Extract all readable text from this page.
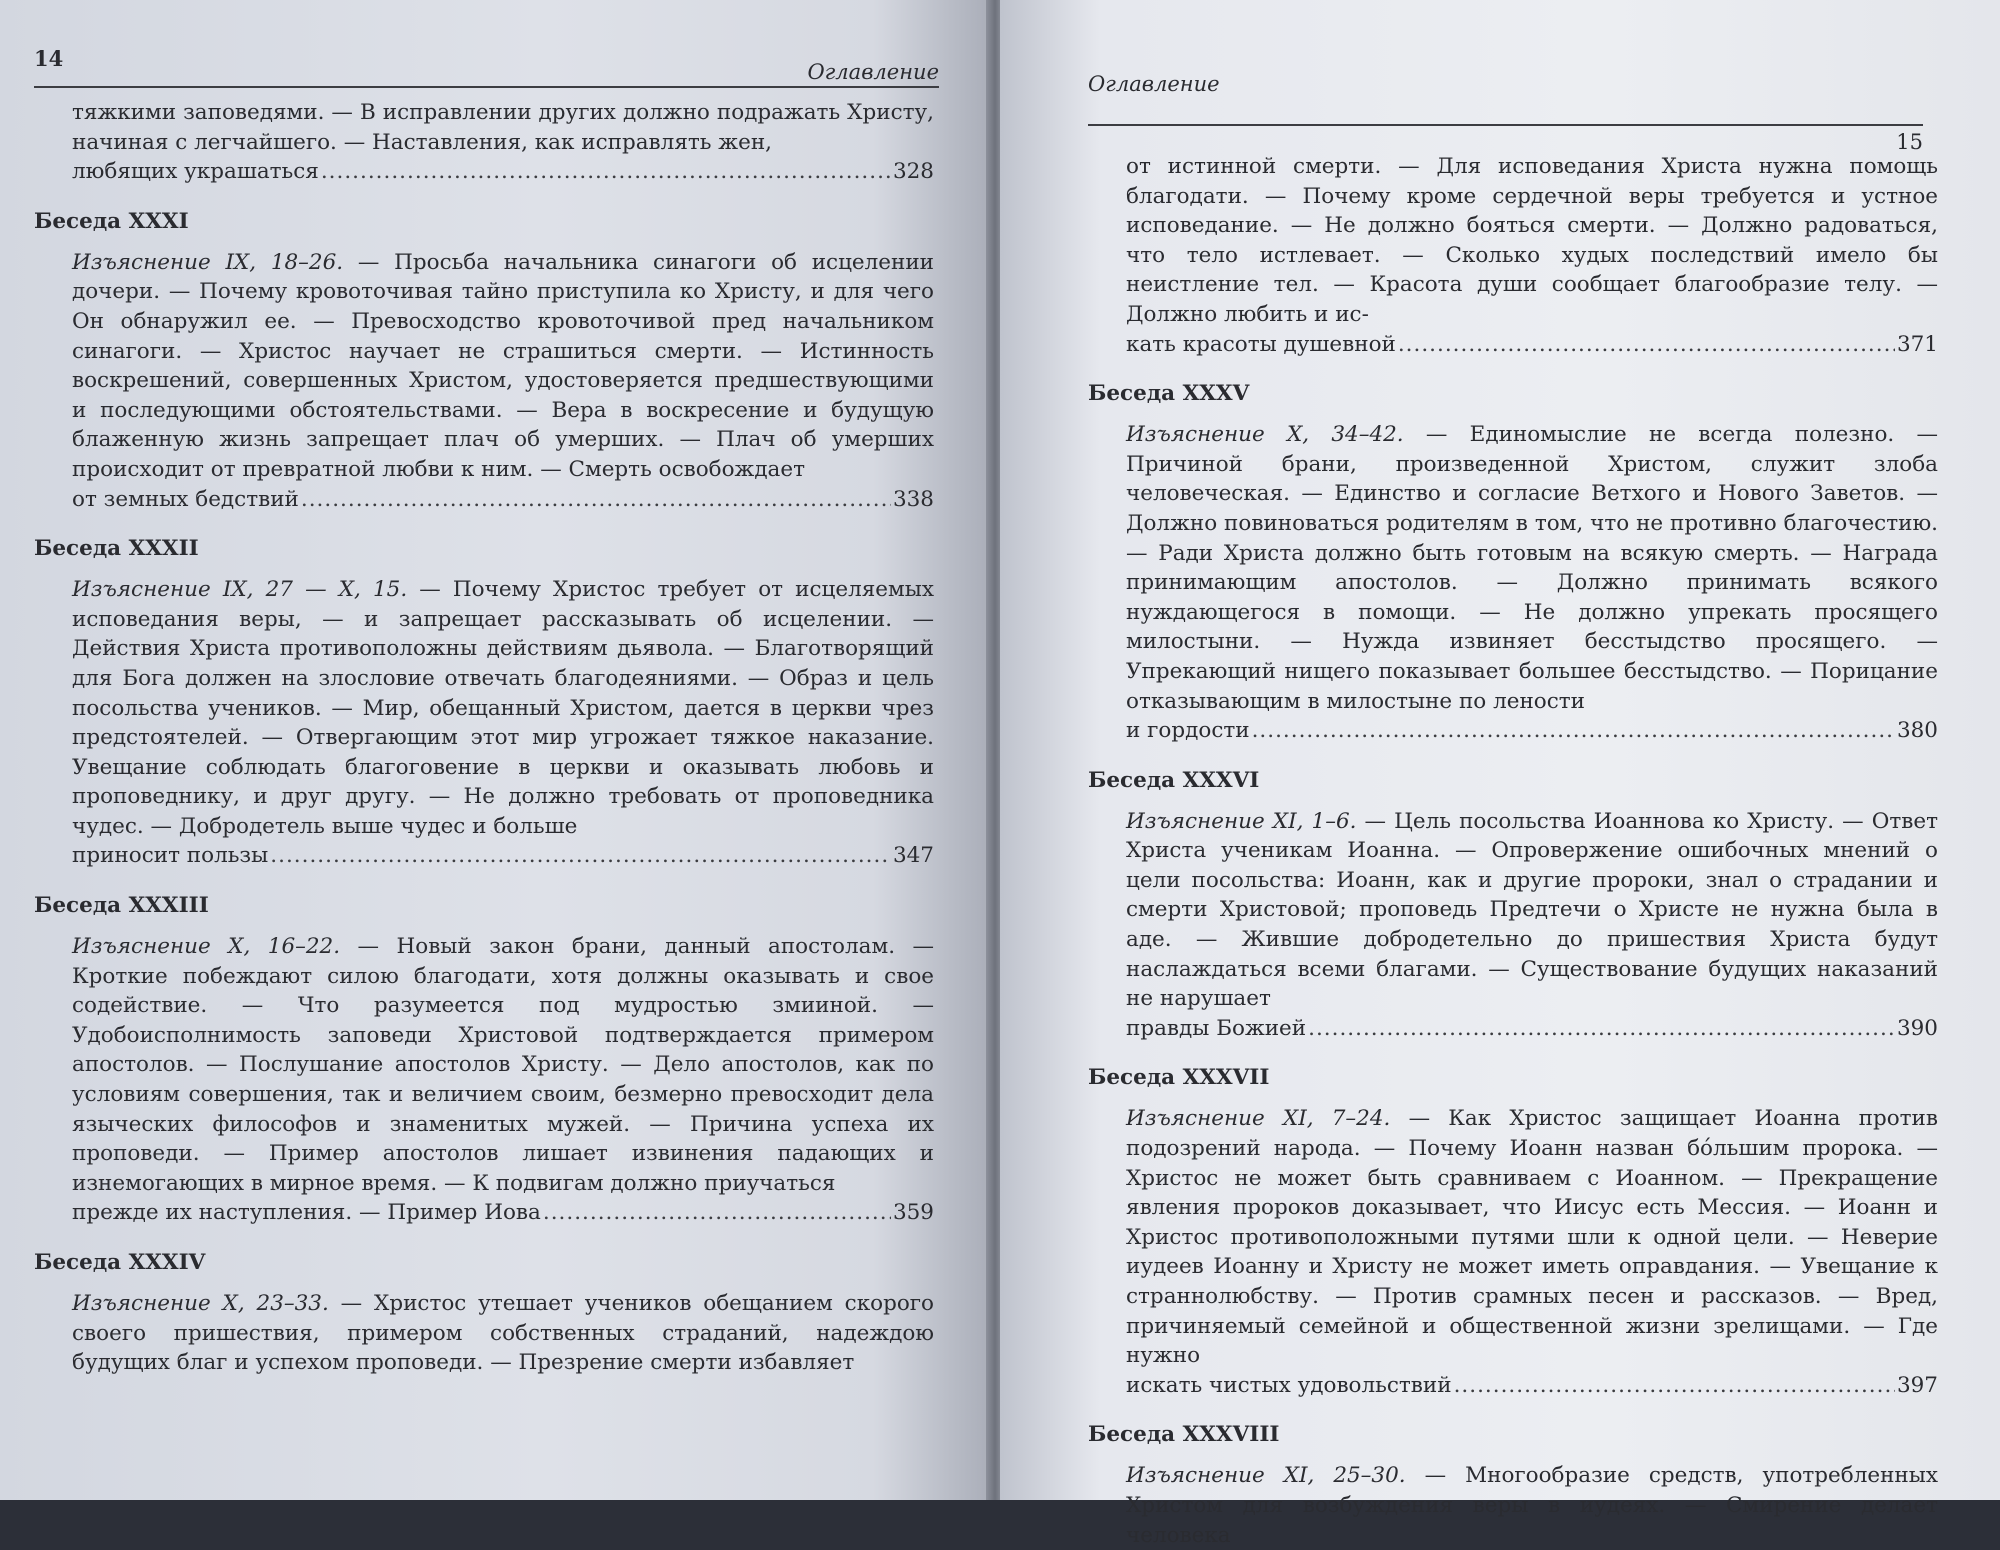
14
Оглавление
тяжкими заповедями. — В исправлении других должно подражать Христу, начиная с легчайшего. — Наставления, как исправлять жен,
любящих украшаться .....	328
Беседа XXXI
Изъяснение IX, 18–26. — Просьба начальника синагоги об исцелении дочери. — Почему кровоточивая тайно приступила ко Христу, и для чего Он обнаружил ее. — Превосходство кровоточивой пред начальником синагоги. — Христос научает не страшиться смерти. — Истинность воскрешений, совершенных Христом, удостоверяется предшествующими и последующими обстоятельствами. — Вера в воскресение и будущую блаженную жизнь запрещает плач об умерших. — Плач об умерших происходит от превратной любви к ним. — Смерть освобождает
от земных бедствий .....	338
Беседа XXXII
Изъяснение IX, 27 — X, 15. — Почему Христос требует от исцеляемых исповедания веры, — и запрещает рассказывать об исцелении. — Действия Христа противоположны действиям дьявола. — Благотворящий для Бога должен на злословие отвечать благодеяниями. — Образ и цель посольства учеников. — Мир, обещанный Христом, дается в церкви чрез предстоятелей. — Отвергающим этот мир угрожает тяжкое наказание. Увещание соблюдать благоговение в церкви и оказывать любовь и проповеднику, и друг другу. — Не должно требовать от проповедника чудес. — Добродетель выше чудес и больше
приносит пользы .....	347
Беседа XXXIII
Изъяснение X, 16–22. — Новый закон брани, данный апостолам. — Кроткие побеждают силою благодати, хотя должны оказывать и свое содействие. — Что разумеется под мудростью змииной. — Удобоисполнимость заповеди Христовой подтверждается примером апостолов. — Послушание апостолов Христу. — Дело апостолов, как по условиям совершения, так и величием своим, безмерно превосходит дела языческих философов и знаменитых мужей. — Причина успеха их проповеди. — Пример апостолов лишает извинения падающих и изнемогающих в мирное время. — К подвигам должно приучаться
прежде их наступления. — Пример Иова .....	359
Беседа XXXIV
Изъяснение X, 23–33. — Христос утешает учеников обещанием скорого своего пришествия, примером собственных страданий, надеждою будущих благ и успехом проповеди. — Презрение смерти избавляет
Оглавление
15
от истинной смерти. — Для исповедания Христа нужна помощь благодати. — Почему кроме сердечной веры требуется и устное исповедание. — Не должно бояться смерти. — Должно радоваться, что тело истлевает. — Сколько худых последствий имело бы неистление тел. — Красота души сообщает благообразие телу. — Должно любить и ис-
кать красоты душевной .....	371
Беседа XXXV
Изъяснение X, 34–42. — Единомыслие не всегда полезно. — Причиной брани, произведенной Христом, служит злоба человеческая. — Единство и согласие Ветхого и Нового Заветов. — Должно повиноваться родителям в том, что не противно благочестию. — Ради Христа должно быть готовым на всякую смерть. — Награда принимающим апостолов. — Должно принимать всякого нуждающегося в помощи. — Не должно упрекать просящего милостыни. — Нужда извиняет бесстыдство просящего. — Упрекающий нищего показывает большее бесстыдство. — Порицание отказывающим в милостыне по лености
и гордости .....	380
Беседа XXXVI
Изъяснение XI, 1–6. — Цель посольства Иоаннова ко Христу. — Ответ Христа ученикам Иоанна. — Опровержение ошибочных мнений о цели посольства: Иоанн, как и другие пророки, знал о страдании и смерти Христовой; проповедь Предтечи о Христе не нужна была в аде. — Жившие добродетельно до пришествия Христа будут наслаждаться всеми благами. — Существование будущих наказаний не нарушает
правды Божией .....	390
Беседа XXXVII
Изъяснение XI, 7–24. — Как Христос защищает Иоанна против подозрений народа. — Почему Иоанн назван бо́льшим пророка. — Христос не может быть сравниваем с Иоанном. — Прекращение явления пророков доказывает, что Иисус есть Мессия. — Иоанн и Христос противоположными путями шли к одной цели. — Неверие иудеев Иоанну и Христу не может иметь оправдания. — Увещание к страннолюбству. — Против срамных песен и рассказов. — Вред, причиняемый семейной и общественной жизни зрелищами. — Где нужно
искать чистых удовольствий .....	397
Беседа XXXVIII
Изъяснение XI, 25–30. — Многообразие средств, употребленных Христом для возбуждения веры в иудеях. — Смирение делает человека
